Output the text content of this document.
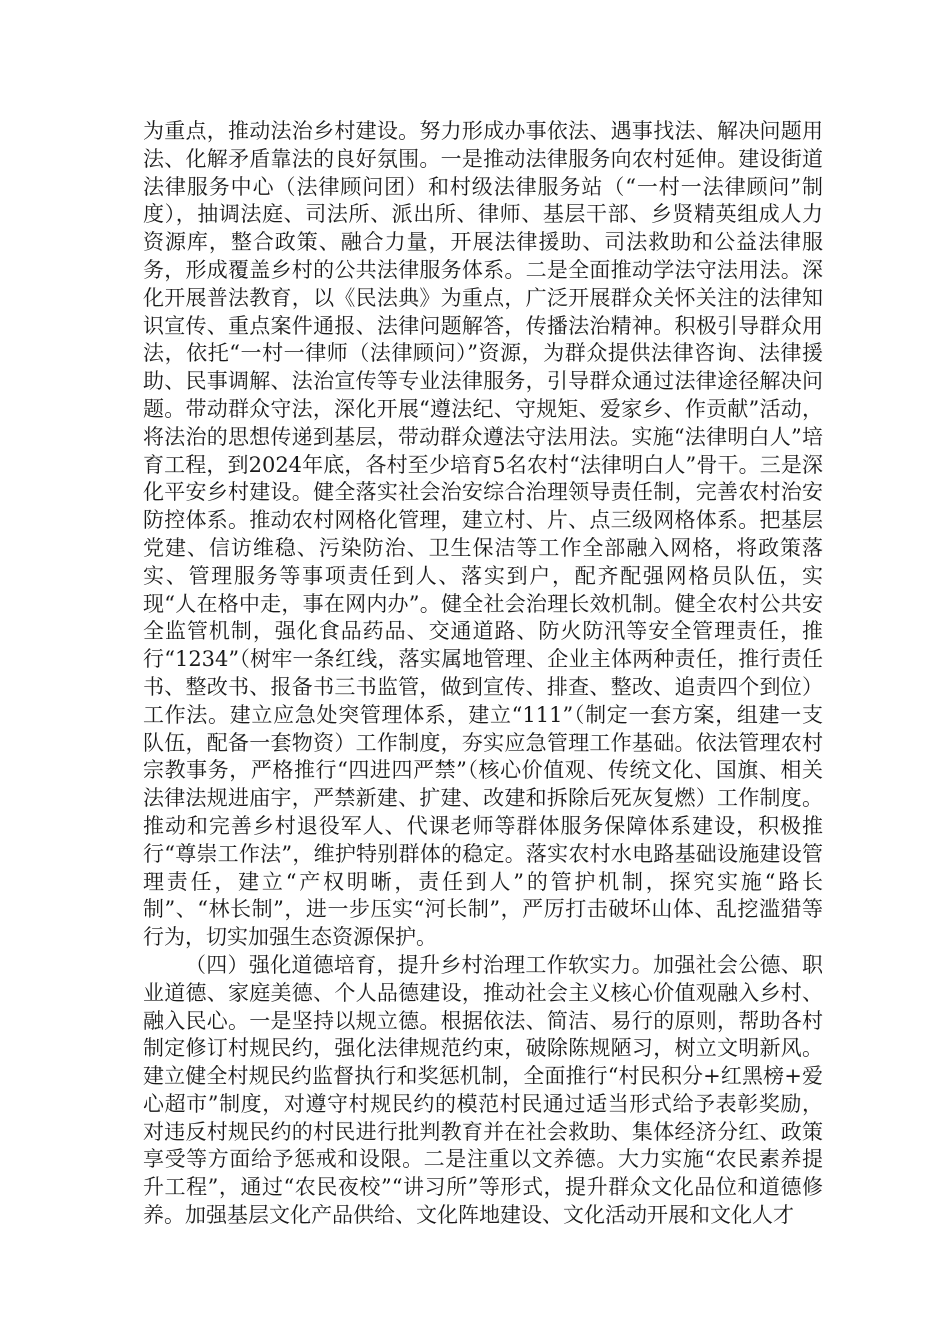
为重点，推动法治乡村建设。努力形成办事依法、遇事找法、解决问题用法、化解矛盾靠法的良好氛围。一是推动法律服务向农村延伸。建设街道法律服务中心（法律顾问团）和村级法律服务站（“一村一法律顾问”制度），抽调法庭、司法所、派出所、律师、基层干部、乡贤精英组成人力资源库，整合政策、融合力量，开展法律援助、司法救助和公益法律服务，形成覆盖乡村的公共法律服务体系。二是全面推动学法守法用法。深化开展普法教育，以《民法典》为重点，广泛开展群众关怀关注的法律知识宣传、重点案件通报、法律问题解答，传播法治精神。积极引导群众用法，依托“一村一律师（法律顾问）”资源，为群众提供法律咨询、法律援助、民事调解、法治宣传等专业法律服务，引导群众通过法律途径解决问题。带动群众守法，深化开展“遵法纪、守规矩、爱家乡、作贡献”活动，将法治的思想传递到基层，带动群众遵法守法用法。实施“法律明白人”培育工程，到2024年底，各村至少培育5名农村“法律明白人”骨干。三是深化平安乡村建设。健全落实社会治安综合治理领导责任制，完善农村治安防控体系。推动农村网格化管理，建立村、片、点三级网格体系。把基层党建、信访维稳、污染防治、卫生保洁等工作全部融入网格，将政策落实、管理服务等事项责任到人、落实到户，配齐配强网格员队伍，实现“人在格中走，事在网内办”。健全社会治理长效机制。健全农村公共安全监管机制，强化食品药品、交通道路、防火防汛等安全管理责任，推行“1234”（树牢一条红线，落实属地管理、企业主体两种责任，推行责任书、整改书、报备书三书监管，做到宣传、排查、整改、追责四个到位）工作法。建立应急处突管理体系，建立“111”（制定一套方案，组建一支队伍，配备一套物资）工作制度，夯实应急管理工作基础。依法管理农村宗教事务，严格推行“四进四严禁”（核心价值观、传统文化、国旗、相关法律法规进庙宇，严禁新建、扩建、改建和拆除后死灰复燃）工作制度。推动和完善乡村退役军人、代课老师等群体服务保障体系建设，积极推行“尊崇工作法”，维护特别群体的稳定。落实农村水电路基础设施建设管理责任，建立“产权明晰，责任到人”的管护机制，探究实施“路长制”、“林长制”，进一步压实“河长制”，严厉打击破坏山体、乱挖滥猎等行为，切实加强生态资源保护。

（四）强化道德培育，提升乡村治理工作软实力。加强社会公德、职业道德、家庭美德、个人品德建设，推动社会主义核心价值观融入乡村、融入民心。一是坚持以规立德。根据依法、简洁、易行的原则，帮助各村制定修订村规民约，强化法律规范约束，破除陈规陋习，树立文明新风。建立健全村规民约监督执行和奖惩机制，全面推行“村民积分+红黑榜+爱心超市”制度，对遵守村规民约的模范村民通过适当形式给予表彰奖励，对违反村规民约的村民进行批判教育并在社会救助、集体经济分红、政策享受等方面给予惩戒和设限。二是注重以文养德。大力实施“农民素养提升工程”，通过“农民夜校”“讲习所”等形式，提升群众文化品位和道德修养。加强基层文化产品供给、文化阵地建设、文化活动开展和文化人才
